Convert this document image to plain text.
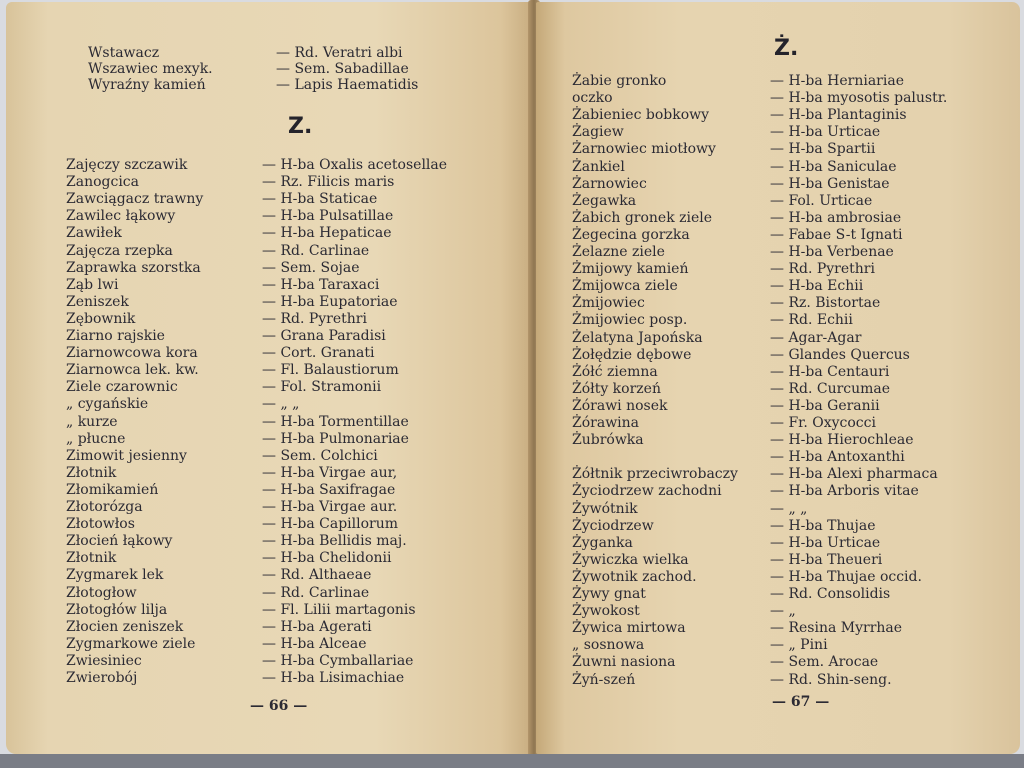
Wstawacz	— Rd. Veratri albi
Wszawiec mexyk.	— Sem. Sabadillae
Wyraźny kamień	— Lapis Haematidis
Z.
Zajęczy szczawik	— H-ba Oxalis acetosellae
Zanogcica	— Rz. Filicis maris
Zawciągacz trawny	— H-ba Staticae
Zawilec łąkowy	— H-ba Pulsatillae
Zawiłek	— H-ba Hepaticae
Zajęcza rzepka	— Rd. Carlinae
Zaprawka szorstka	— Sem. Sojae
Ząb lwi	— H-ba Taraxaci
Zeniszek	— H-ba Eupatoriae
Zębownik	— Rd. Pyrethri
Ziarno rajskie	— Grana Paradisi
Ziarnowcowa kora	— Cort. Granati
Ziarnowca lek. kw.	— Fl. Balaustiorum
Ziele czarownic	— Fol. Stramonii
„ cygańskie	— „ „
„ kurze	— H-ba Tormentillae
„ płucne	— H-ba Pulmonariae
Zimowit jesienny	— Sem. Colchici
Złotnik	— H-ba Virgae aur,
Złomikamień	— H-ba Saxifragae
Złotorózga	— H-ba Virgae aur.
Złotowłos	— H-ba Capillorum
Złocień łąkowy	— H-ba Bellidis maj.
Złotnik	— H-ba Chelidonii
Zygmarek lek	— Rd. Althaeae
Złotogłow	— Rd. Carlinae
Złotogłów lilja	— Fl. Lilii martagonis
Złocien zeniszek	— H-ba Agerati
Zygmarkowe ziele	— H-ba Alceae
Zwiesiniec	— H-ba Cymballariae
Zwierobój	— H-ba Lisimachiae
— 66 —
Ż.
Żabie gronko	— H-ba Herniariae
oczko	— H-ba myosotis palustr.
Żabieniec bobkowy	— H-ba Plantaginis
Żagiew	— H-ba Urticae
Żarnowiec miotłowy	— H-ba Spartii
Żankiel	— H-ba Saniculae
Żarnowiec	— H-ba Genistae
Żegawka	— Fol. Urticae
Żabich gronek ziele	— H-ba ambrosiae
Żegecina gorzka	— Fabae S-t Ignati
Żelazne ziele	— H-ba Verbenae
Żmijowy kamień	— Rd. Pyrethri
Żmijowca ziele	— H-ba Echii
Żmijowiec	— Rz. Bistortae
Żmijowiec posp.	— Rd. Echii
Żelatyna Japońska	— Agar-Agar
Żołędzie dębowe	— Glandes Quercus
Żółć ziemna	— H-ba Centauri
Żółty korzeń	— Rd. Curcumae
Żórawi nosek	— H-ba Geranii
Żórawina	— Fr. Oxycocci
Żubrówka	— H-ba Hierochleae
— H-ba Antoxanthi
Żółtnik przeciwrobaczy — H-ba Alexi pharmaca
Życiodrzew zachodni	— H-ba Arboris vitae
Żywótnik	— „ „
Życiodrzew	— H-ba Thujae
Żyganka	— H-ba Urticae
Żywiczka wielka	— H-ba Theueri
Żywotnik zachod.	— H-ba Thujae occid.
Żywy gnat	— Rd. Consolidis
Żywokost	— „
Żywica mirtowa	— Resina Myrrhae
„ sosnowa	— „ Pini
Żuwni nasiona	— Sem. Arocae
Żyń-szeń	— Rd. Shin-seng.
— 67 —
